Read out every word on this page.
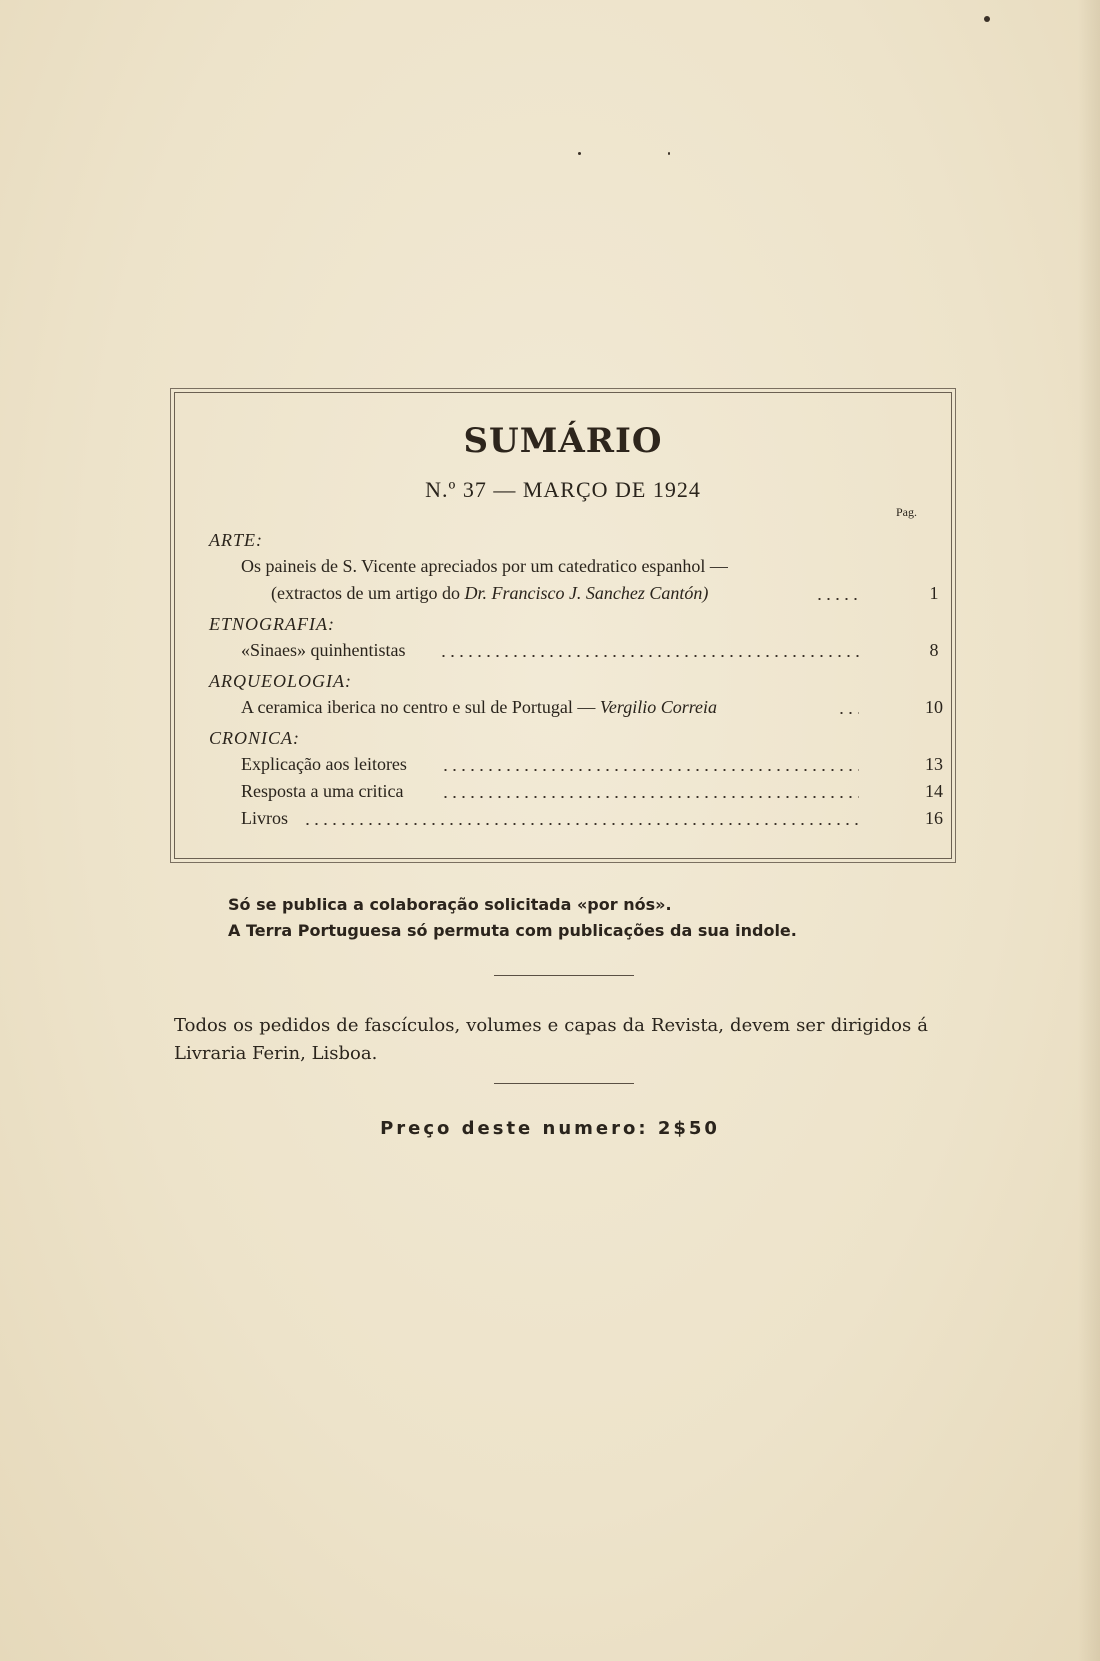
SUMÁRIO
N.º 37 — MARÇO DE 1924
Pag.
ARTE:
Os paineis de S. Vicente apreciados por um catedratico espanhol —
(extractos de um artigo do Dr. Francisco J. Sanchez Cantón)	1
ETNOGRAFIA:
«Sinaes» quinhentistas	8
ARQUEOLOGIA:
A ceramica iberica no centro e sul de Portugal — Vergilio Correia	10
CRONICA:
Explicação aos leitores	13
Resposta a uma critica	14
Livros	16
Só se publica a colaboração solicitada «por nós».
A Terra Portuguesa só permuta com publicações da sua indole.
Todos os pedidos de fascículos, volumes e capas da Revista, devem ser dirigidos á Livraria Ferin, Lisboa.
Preço deste numero: 2$50
